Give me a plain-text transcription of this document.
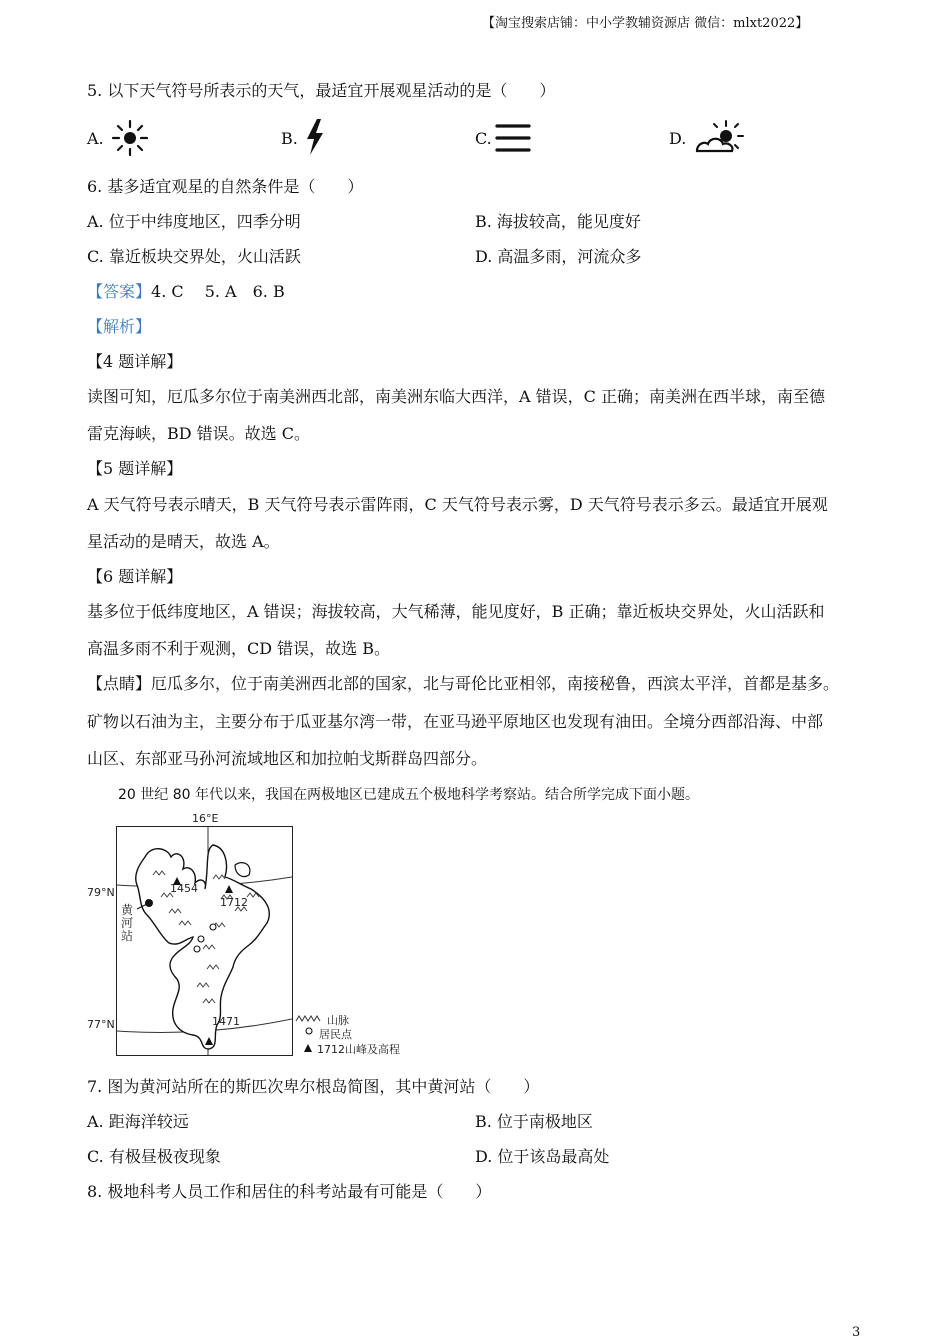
【淘宝搜索店铺：中小学教辅资源店 微信：mlxt2022】
5. 以下天气符号所表示的天气，最适宜开展观星活动的是（　　）
A.	B.	C.	D.
6. 基多适宜观星的自然条件是（　　）
A. 位于中纬度地区，四季分明	B. 海拔较高，能见度好
C. 靠近板块交界处，火山活跃	D. 高温多雨，河流众多
【答案】4. C　 5. A　6. B
【解析】
【4 题详解】
读图可知，厄瓜多尔位于南美洲西北部，南美洲东临大西洋，A 错误，C 正确；南美洲在西半球，南至德
雷克海峡，BD 错误。故选 C。
【5 题详解】
A 天气符号表示晴天，B 天气符号表示雷阵雨，C 天气符号表示雾，D 天气符号表示多云。最适宜开展观
星活动的是晴天，故选 A。
【6 题详解】
基多位于低纬度地区，A 错误；海拔较高，大气稀薄，能见度好，B 正确；靠近板块交界处，火山活跃和
高温多雨不利于观测，CD 错误，故选 B。
【点睛】厄瓜多尔，位于南美洲西北部的国家，北与哥伦比亚相邻，南接秘鲁，西滨太平洋，首都是基多。
矿物以石油为主，主要分布于瓜亚基尔湾一带，在亚马逊平原地区也发现有油田。全境分西部沿海、中部
山区、东部亚马孙河流域地区和加拉帕戈斯群岛四部分。
20 世纪 80 年代以来，我国在两极地区已建成五个极地科学考察站。结合所学完成下面小题。
16°E
79°N
77°N
1454
1712
1471
黄河站
山脉
居民点
1712山峰及高程
7. 图为黄河站所在的斯匹次卑尔根岛简图，其中黄河站（　　）
A. 距海洋较远	B. 位于南极地区
C. 有极昼极夜现象	D. 位于该岛最高处
8. 极地科考人员工作和居住的科考站最有可能是（　　）
3
